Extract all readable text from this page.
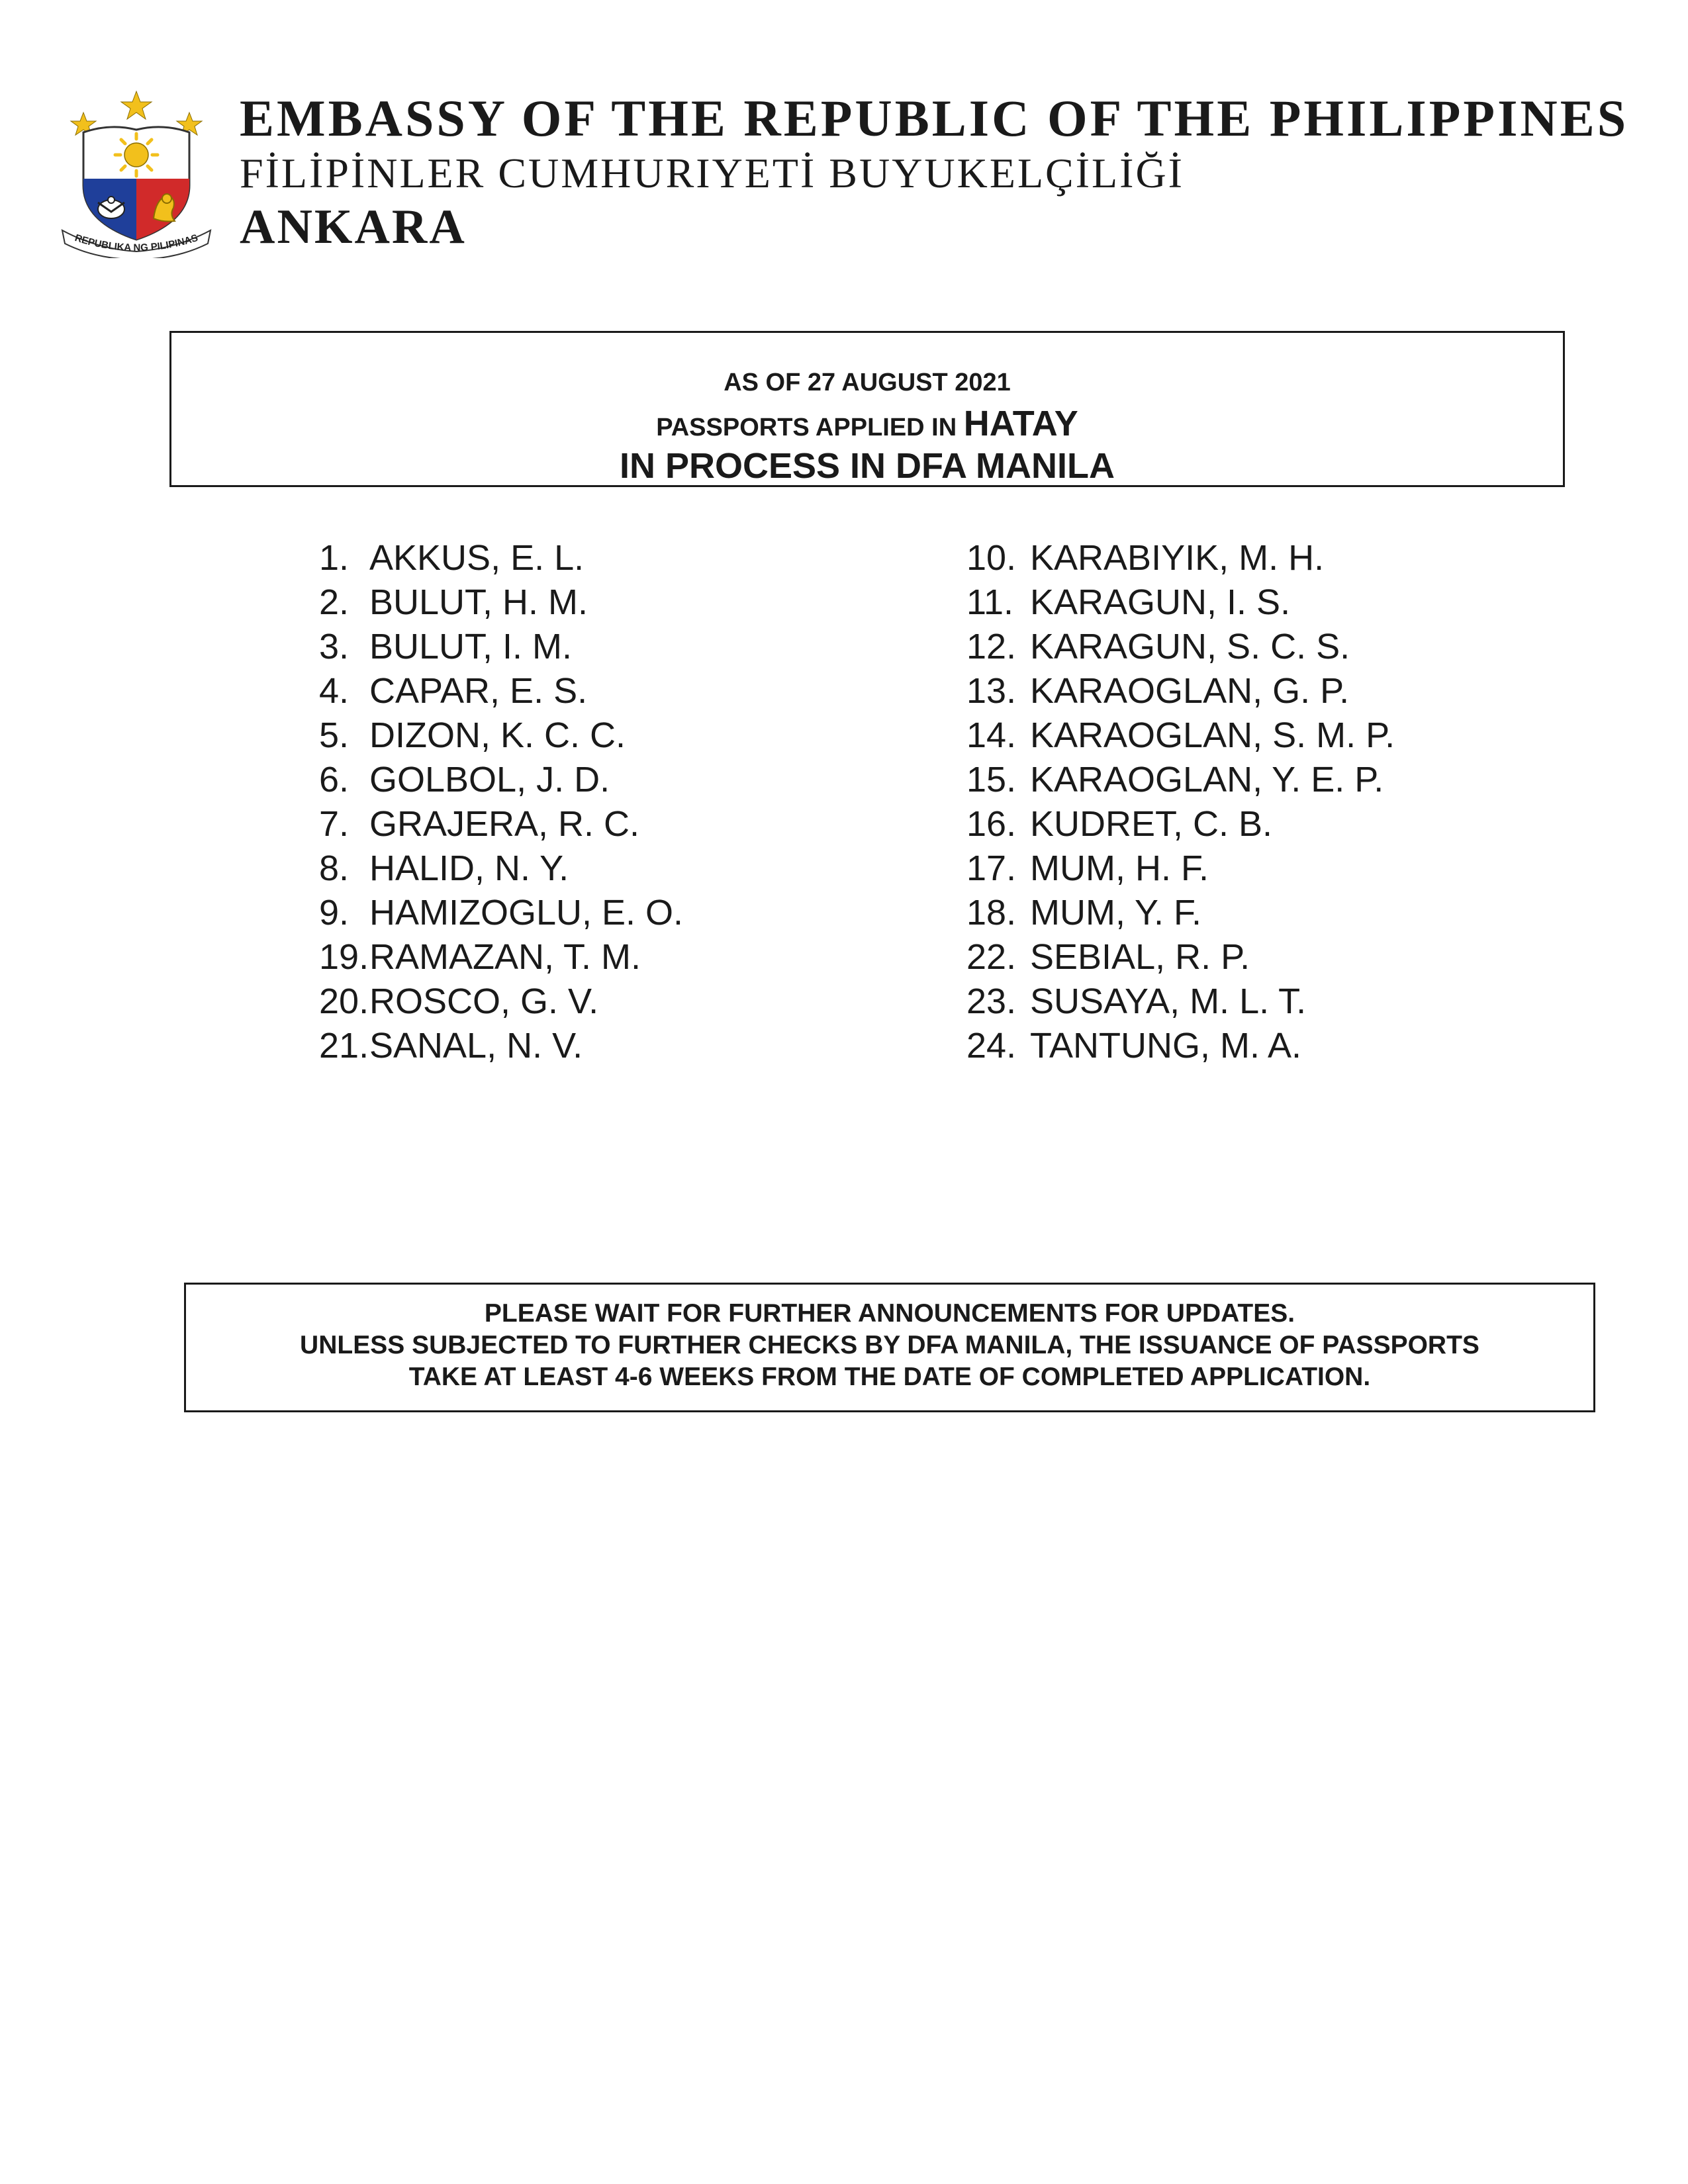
REPUBLIKA NG PILIPINAS
EMBASSY OF THE REPUBLIC OF THE PHILIPPINES
FİLİPİNLER CUMHURIYETİ BUYUKELÇİLİĞİ
ANKARA
AS OF 27 AUGUST 2021
PASSPORTS APPLIED IN HATAY
IN PROCESS IN DFA MANILA
1. AKKUS, E. L.
2. BULUT, H. M.
3. BULUT, I. M.
4. CAPAR, E. S.
5. DIZON, K. C. C.
6. GOLBOL, J. D.
7. GRAJERA, R. C.
8. HALID, N. Y.
9. HAMIZOGLU, E. O.
19. RAMAZAN, T. M.
20. ROSCO, G. V.
21. SANAL, N. V.
10. KARABIYIK, M. H.
11. KARAGUN, I. S.
12. KARAGUN, S. C. S.
13. KARAOGLAN, G. P.
14. KARAOGLAN, S. M. P.
15. KARAOGLAN, Y. E. P.
16. KUDRET, C. B.
17. MUM, H. F.
18. MUM, Y. F.
22. SEBIAL, R. P.
23. SUSAYA, M. L. T.
24. TANTUNG, M. A.
PLEASE WAIT FOR FURTHER ANNOUNCEMENTS FOR UPDATES.
UNLESS SUBJECTED TO FURTHER CHECKS BY DFA MANILA, THE ISSUANCE OF PASSPORTS
TAKE AT LEAST 4-6 WEEKS FROM THE DATE OF COMPLETED APPLICATION.
